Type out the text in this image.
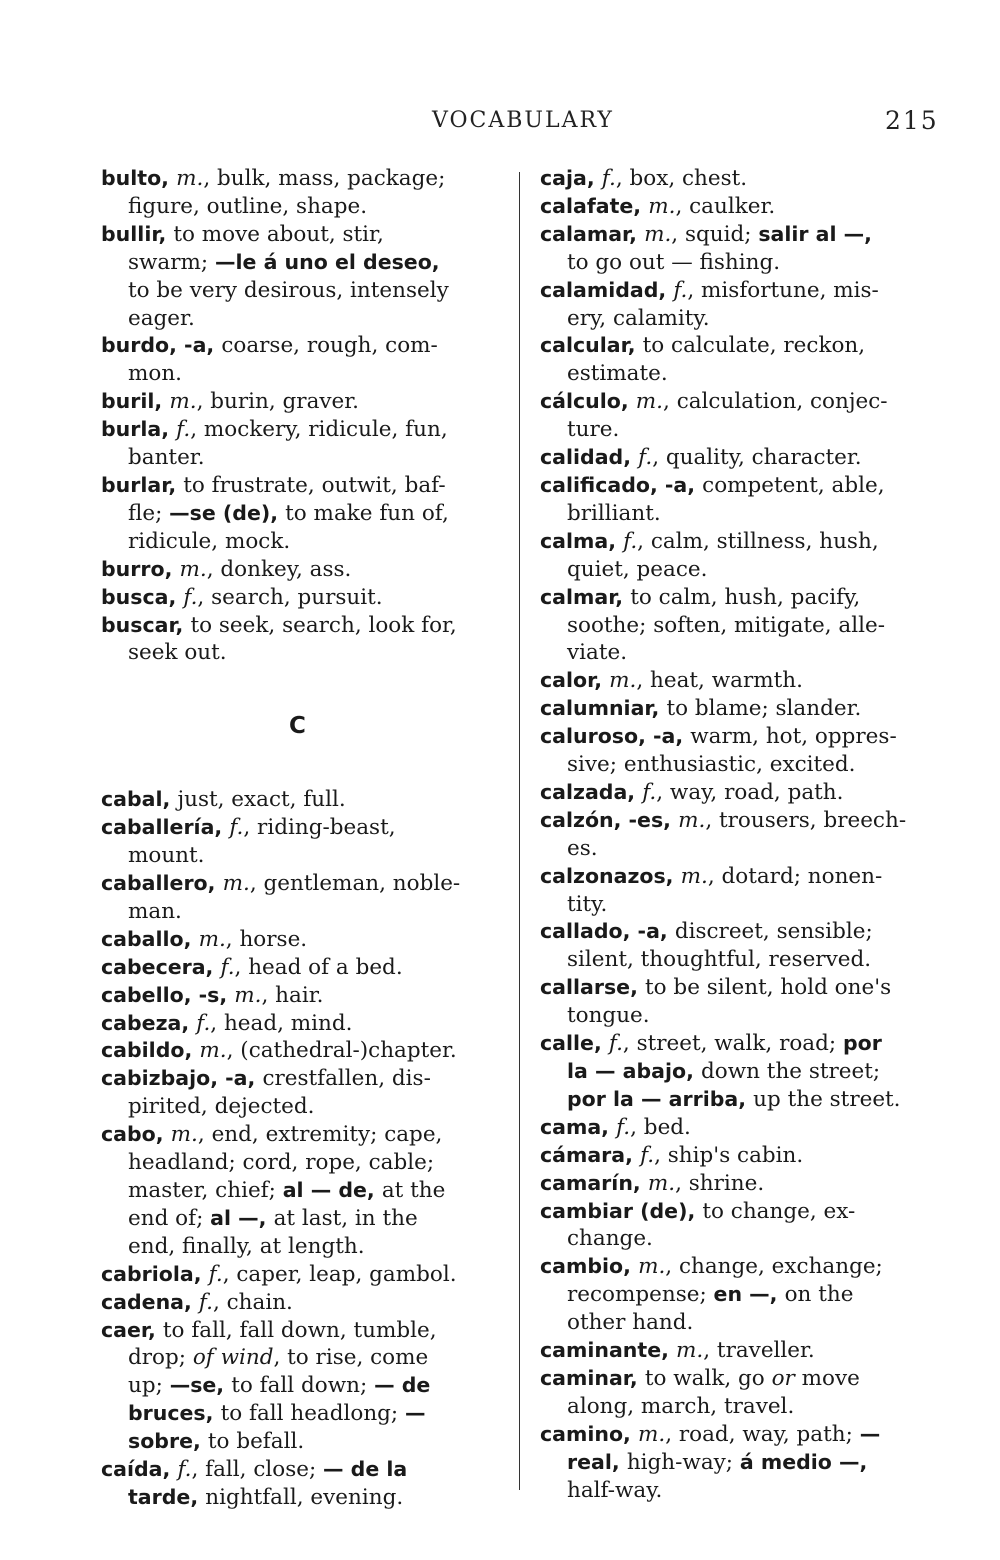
VOCABULARY	215
bulto, m., bulk, mass, package;
figure, outline, shape.
bullir, to move about, stir,
swarm; —le á uno el deseo,
to be very desirous, intensely
eager.
burdo, -a, coarse, rough, com-
mon.
buril, m., burin, graver.
burla, f., mockery, ridicule, fun,
banter.
burlar, to frustrate, outwit, baf-
fle; —se (de), to make fun of,
ridicule, mock.
burro, m., donkey, ass.
busca, f., search, pursuit.
buscar, to seek, search, look for,
seek out.
C
cabal, just, exact, full.
caballería, f., riding-beast,
mount.
caballero, m., gentleman, noble-
man.
caballo, m., horse.
cabecera, f., head of a bed.
cabello, -s, m., hair.
cabeza, f., head, mind.
cabildo, m., (cathedral-)chapter.
cabizbajo, -a, crestfallen, dis-
pirited, dejected.
cabo, m., end, extremity; cape,
headland; cord, rope, cable;
master, chief; al — de, at the
end of; al —, at last, in the
end, finally, at length.
cabriola, f., caper, leap, gambol.
cadena, f., chain.
caer, to fall, fall down, tumble,
drop; of wind, to rise, come
up; —se, to fall down; — de
bruces, to fall headlong; —
sobre, to befall.
caída, f., fall, close; — de la
tarde, nightfall, evening.
caja, f., box, chest.
calafate, m., caulker.
calamar, m., squid; salir al —,
to go out — fishing.
calamidad, f., misfortune, mis-
ery, calamity.
calcular, to calculate, reckon,
estimate.
cálculo, m., calculation, conjec-
ture.
calidad, f., quality, character.
calificado, -a, competent, able,
brilliant.
calma, f., calm, stillness, hush,
quiet, peace.
calmar, to calm, hush, pacify,
soothe; soften, mitigate, alle-
viate.
calor, m., heat, warmth.
calumniar, to blame; slander.
caluroso, -a, warm, hot, oppres-
sive; enthusiastic, excited.
calzada, f., way, road, path.
calzón, -es, m., trousers, breech-
es.
calzonazos, m., dotard; nonen-
tity.
callado, -a, discreet, sensible;
silent, thoughtful, reserved.
callarse, to be silent, hold one's
tongue.
calle, f., street, walk, road; por
la — abajo, down the street;
por la — arriba, up the street.
cama, f., bed.
cámara, f., ship's cabin.
camarín, m., shrine.
cambiar (de), to change, ex-
change.
cambio, m., change, exchange;
recompense; en —, on the
other hand.
caminante, m., traveller.
caminar, to walk, go or move
along, march, travel.
camino, m., road, way, path; —
real, high-way; á medio —,
half-way.
